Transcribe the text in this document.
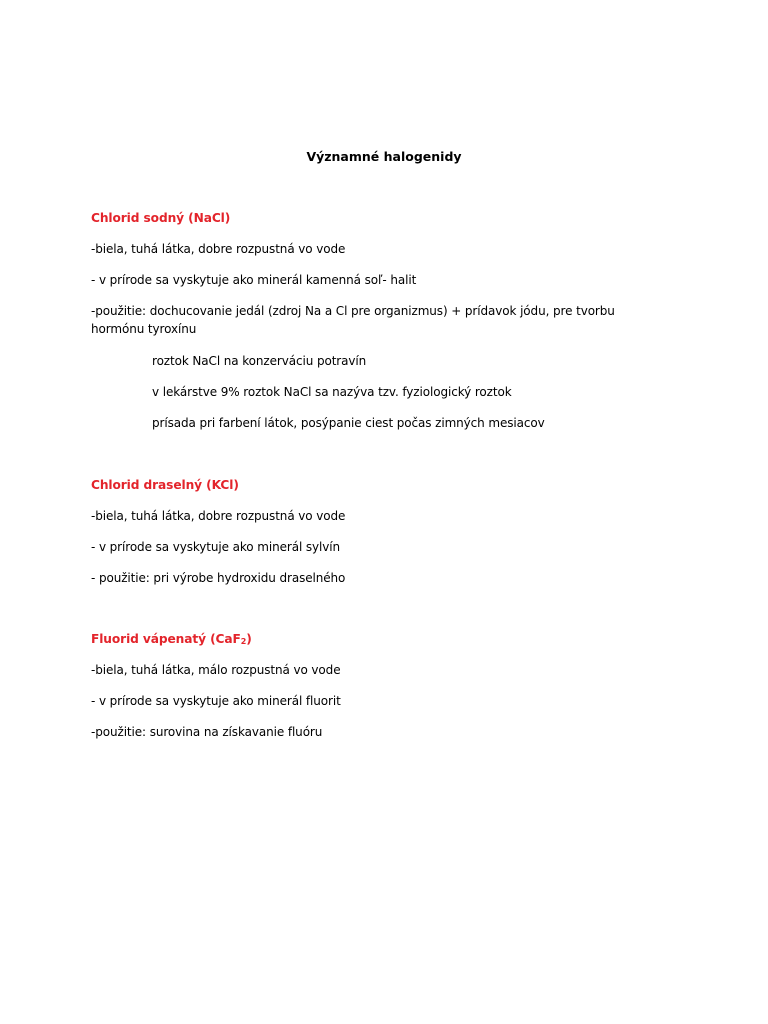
Významné halogenidy
Chlorid sodný (NaCl)
-biela, tuhá látka, dobre rozpustná vo vode
- v prírode sa vyskytuje ako minerál kamenná soľ- halit
-použitie: dochucovanie jedál (zdroj Na a Cl pre organizmus) + prídavok jódu, pre tvorbu hormónu tyroxínu
roztok NaCl na konzerváciu potravín
v lekárstve 9% roztok NaCl sa nazýva tzv. fyziologický roztok
prísada pri farbení látok, posýpanie ciest počas zimných mesiacov
Chlorid draselný (KCl)
-biela, tuhá látka, dobre rozpustná vo vode
- v prírode sa vyskytuje ako minerál sylvín
- použitie: pri výrobe hydroxidu draselného
Fluorid vápenatý (CaF$_2$)
-biela, tuhá látka, málo rozpustná vo vode
- v prírode sa vyskytuje ako minerál fluorit
-použitie: surovina na získavanie fluóru
